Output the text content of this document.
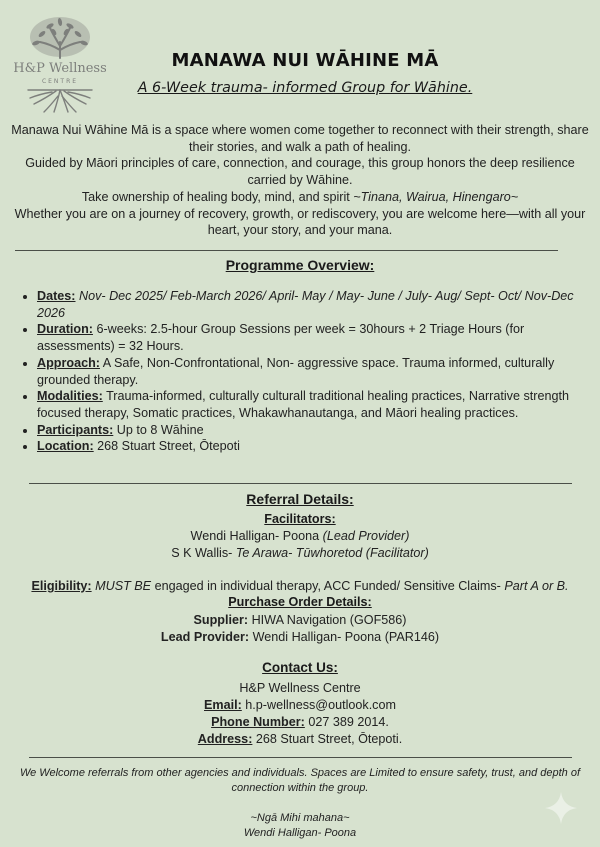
H&P Wellness
CENTRE
MANAWA NUI WĀHINE MĀ
A 6-Week trauma- informed Group for Wāhine.
Manawa Nui Wāhine Mā is a space where women come together to reconnect with their strength, share their stories, and walk a path of healing.
Guided by Māori principles of care, connection, and courage, this group honors the deep resilience carried by Wāhine.
Take ownership of healing body, mind, and spirit ~Tinana, Wairua, Hinengaro~
Whether you are on a journey of recovery, growth, or rediscovery, you are welcome here—with all your heart, your story, and your mana.
Programme Overview:
• Dates: Nov- Dec 2025/ Feb-March 2026/ April- May / May- June / July- Aug/ Sept- Oct/ Nov-Dec 2026
• Duration: 6-weeks: 2.5-hour Group Sessions per week = 30hours + 2 Triage Hours (for assessments) = 32 Hours.
• Approach: A Safe, Non-Confrontational, Non- aggressive space. Trauma informed, culturally grounded therapy.
• Modalities: Trauma-informed, culturally culturall traditional healing practices, Narrative strength focused therapy, Somatic practices, Whakawhanautanga, and Māori healing practices.
• Participants: Up to 8 Wāhine
• Location: 268 Stuart Street, Ōtepoti
Referral Details:
Facilitators:
Wendi Halligan- Poona (Lead Provider)
S K Wallis- Te Arawa- Tūwhoretod (Facilitator)
Eligibility: MUST BE engaged in individual therapy, ACC Funded/ Sensitive Claims- Part A or B.
Purchase Order Details:
Supplier: HIWA Navigation (GOF586)
Lead Provider: Wendi Halligan- Poona (PAR146)
Contact Us:
H&P Wellness Centre
Email: h.p-wellness@outlook.com
Phone Number: 027 389 2014.
Address: 268 Stuart Street, Ōtepoti.
We Welcome referrals from other agencies and individuals. Spaces are Limited to ensure safety, trust, and depth of connection within the group.
~Ngā Mihi mahana~
Wendi Halligan- Poona
